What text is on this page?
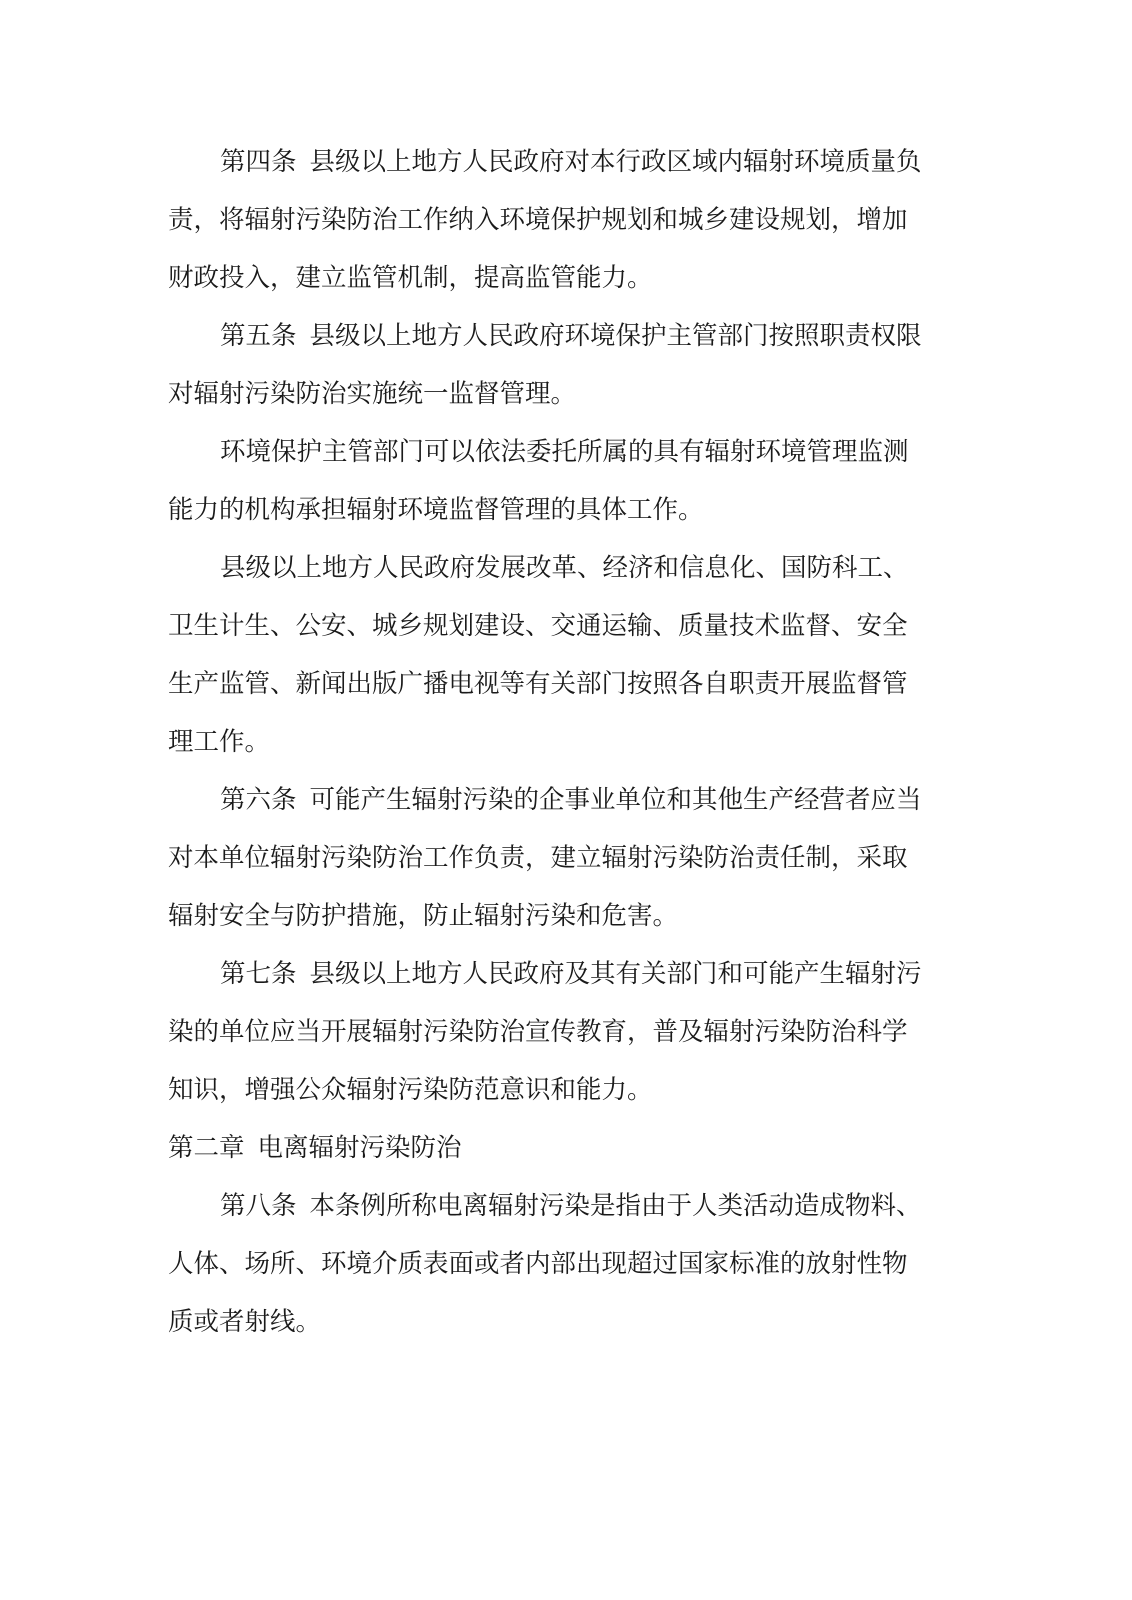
第四条 县级以上地方人民政府对本行政区域内辐射环境质量负

责，将辐射污染防治工作纳入环境保护规划和城乡建设规划，增加

财政投入，建立监管机制，提高监管能力。

第五条 县级以上地方人民政府环境保护主管部门按照职责权限

对辐射污染防治实施统一监督管理。

环境保护主管部门可以依法委托所属的具有辐射环境管理监测

能力的机构承担辐射环境监督管理的具体工作。

县级以上地方人民政府发展改革、经济和信息化、国防科工、

卫生计生、公安、城乡规划建设、交通运输、质量技术监督、安全

生产监管、新闻出版广播电视等有关部门按照各自职责开展监督管

理工作。

第六条 可能产生辐射污染的企事业单位和其他生产经营者应当

对本单位辐射污染防治工作负责，建立辐射污染防治责任制，采取

辐射安全与防护措施，防止辐射污染和危害。

第七条 县级以上地方人民政府及其有关部门和可能产生辐射污

染的单位应当开展辐射污染防治宣传教育，普及辐射污染防治科学

知识，增强公众辐射污染防范意识和能力。

第二章 电离辐射污染防治

第八条 本条例所称电离辐射污染是指由于人类活动造成物料、

人体、场所、环境介质表面或者内部出现超过国家标准的放射性物

质或者射线。
